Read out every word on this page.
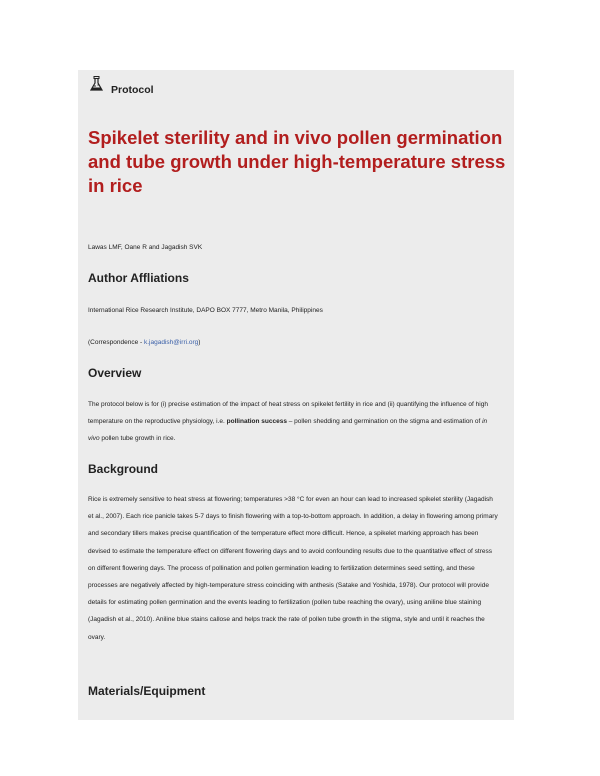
Protocol
Spikelet sterility and in vivo pollen germination and tube growth under high-temperature stress in rice
Lawas LMF, Oane R and Jagadish SVK
Author Affliations
International Rice Research Institute, DAPO BOX 7777, Metro Manila, Philippines
(Correspondence - k.jagadish@irri.org)
Overview

The protocol below is for (i) precise estimation of the impact of heat stress on spikelet fertility in rice and (ii) quantifying the influence of high temperature on the reproductive physiology, i.e. pollination success – pollen shedding and germination on the stigma and estimation of in vivo pollen tube growth in rice.

Background

Rice is extremely sensitive to heat stress at flowering; temperatures >38 °C for even an hour can lead to increased spikelet sterility (Jagadish et al., 2007). Each rice panicle takes 5-7 days to finish flowering with a top-to-bottom approach. In addition, a delay in flowering among primary and secondary tillers makes precise quantification of the temperature effect more difficult. Hence, a spikelet marking approach has been devised to estimate the temperature effect on different flowering days and to avoid confounding results due to the quantitative effect of stress on different flowering days. The process of pollination and pollen germination leading to fertilization determines seed setting, and these processes are negatively affected by high-temperature stress coinciding with anthesis (Satake and Yoshida, 1978). Our protocol will provide details for estimating pollen germination and the events leading to fertilization (pollen tube reaching the ovary), using aniline blue staining (Jagadish et al., 2010). Aniline blue stains callose and helps track the rate of pollen tube growth in the stigma, style and until it reaches the ovary.

Materials/Equipment
